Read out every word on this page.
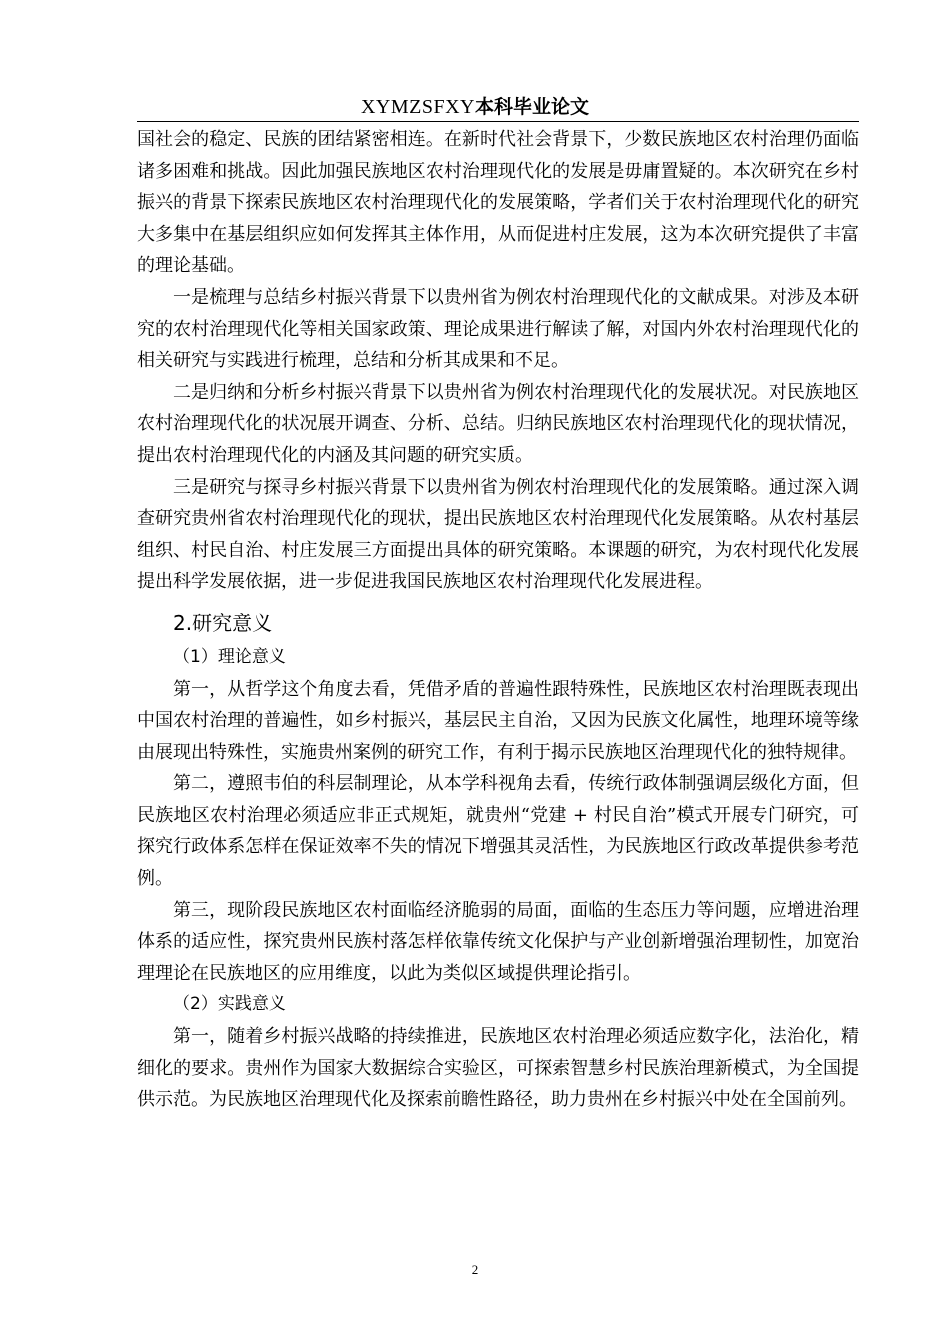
XYMZSFXY本科毕业论文

国社会的稳定、民族的团结紧密相连。在新时代社会背景下，少数民族地区农村治理仍面临诸多困难和挑战。因此加强民族地区农村治理现代化的发展是毋庸置疑的。本次研究在乡村振兴的背景下探索民族地区农村治理现代化的发展策略，学者们关于农村治理现代化的研究大多集中在基层组织应如何发挥其主体作用，从而促进村庄发展，这为本次研究提供了丰富的理论基础。

一是梳理与总结乡村振兴背景下以贵州省为例农村治理现代化的文献成果。对涉及本研究的农村治理现代化等相关国家政策、理论成果进行解读了解，对国内外农村治理现代化的相关研究与实践进行梳理，总结和分析其成果和不足。

二是归纳和分析乡村振兴背景下以贵州省为例农村治理现代化的发展状况。对民族地区农村治理现代化的状况展开调查、分析、总结。归纳民族地区农村治理现代化的现状情况，提出农村治理现代化的内涵及其问题的研究实质。

三是研究与探寻乡村振兴背景下以贵州省为例农村治理现代化的发展策略。通过深入调查研究贵州省农村治理现代化的现状，提出民族地区农村治理现代化发展策略。从农村基层组织、村民自治、村庄发展三方面提出具体的研究策略。本课题的研究，为农村现代化发展提出科学发展依据，进一步促进我国民族地区农村治理现代化发展进程。

2.研究意义

（1）理论意义

第一，从哲学这个角度去看，凭借矛盾的普遍性跟特殊性，民族地区农村治理既表现出中国农村治理的普遍性，如乡村振兴，基层民主自治，又因为民族文化属性，地理环境等缘由展现出特殊性，实施贵州案例的研究工作，有利于揭示民族地区治理现代化的独特规律。

第二，遵照韦伯的科层制理论，从本学科视角去看，传统行政体制强调层级化方面，但民族地区农村治理必须适应非正式规矩，就贵州“党建 + 村民自治”模式开展专门研究，可探究行政体系怎样在保证效率不失的情况下增强其灵活性，为民族地区行政改革提供参考范例。

第三，现阶段民族地区农村面临经济脆弱的局面，面临的生态压力等问题，应增进治理体系的适应性，探究贵州民族村落怎样依靠传统文化保护与产业创新增强治理韧性，加宽治理理论在民族地区的应用维度，以此为类似区域提供理论指引。

（2）实践意义

第一，随着乡村振兴战略的持续推进，民族地区农村治理必须适应数字化，法治化，精细化的要求。贵州作为国家大数据综合实验区，可探索智慧乡村民族治理新模式，为全国提供示范。为民族地区治理现代化及探索前瞻性路径，助力贵州在乡村振兴中处在全国前列。

2
